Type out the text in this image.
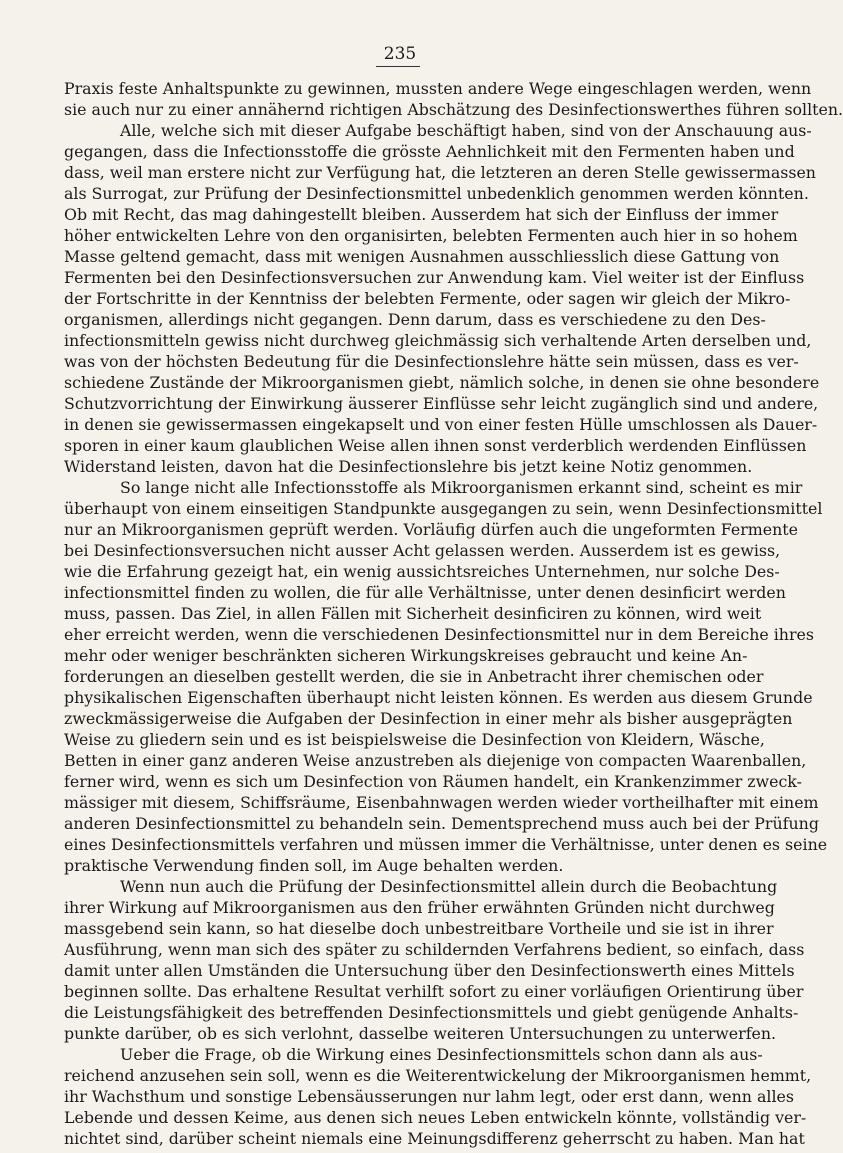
235
Praxis feste Anhaltspunkte zu gewinnen, mussten andere Wege eingeschlagen werden, wenn
sie auch nur zu einer annähernd richtigen Abschätzung des Desinfectionswerthes führen sollten.
Alle, welche sich mit dieser Aufgabe beschäftigt haben, sind von der Anschauung aus-
gegangen, dass die Infectionsstoffe die grösste Aehnlichkeit mit den Fermenten haben und
dass, weil man erstere nicht zur Verfügung hat, die letzteren an deren Stelle gewissermassen
als Surrogat, zur Prüfung der Desinfectionsmittel unbedenklich genommen werden könnten.
Ob mit Recht, das mag dahingestellt bleiben. Ausserdem hat sich der Einfluss der immer
höher entwickelten Lehre von den organisirten, belebten Fermenten auch hier in so hohem
Masse geltend gemacht, dass mit wenigen Ausnahmen ausschliesslich diese Gattung von
Fermenten bei den Desinfectionsversuchen zur Anwendung kam. Viel weiter ist der Einfluss
der Fortschritte in der Kenntniss der belebten Fermente, oder sagen wir gleich der Mikro-
organismen, allerdings nicht gegangen. Denn darum, dass es verschiedene zu den Des-
infectionsmitteln gewiss nicht durchweg gleichmässig sich verhaltende Arten derselben und,
was von der höchsten Bedeutung für die Desinfectionslehre hätte sein müssen, dass es ver-
schiedene Zustände der Mikroorganismen giebt, nämlich solche, in denen sie ohne besondere
Schutzvorrichtung der Einwirkung äusserer Einflüsse sehr leicht zugänglich sind und andere,
in denen sie gewissermassen eingekapselt und von einer festen Hülle umschlossen als Dauer-
sporen in einer kaum glaublichen Weise allen ihnen sonst verderblich werdenden Einflüssen
Widerstand leisten, davon hat die Desinfectionslehre bis jetzt keine Notiz genommen.
So lange nicht alle Infectionsstoffe als Mikroorganismen erkannt sind, scheint es mir
überhaupt von einem einseitigen Standpunkte ausgegangen zu sein, wenn Desinfectionsmittel
nur an Mikroorganismen geprüft werden. Vorläufig dürfen auch die ungeformten Fermente
bei Desinfectionsversuchen nicht ausser Acht gelassen werden. Ausserdem ist es gewiss,
wie die Erfahrung gezeigt hat, ein wenig aussichtsreiches Unternehmen, nur solche Des-
infectionsmittel finden zu wollen, die für alle Verhältnisse, unter denen desinficirt werden
muss, passen. Das Ziel, in allen Fällen mit Sicherheit desinficiren zu können, wird weit
eher erreicht werden, wenn die verschiedenen Desinfectionsmittel nur in dem Bereiche ihres
mehr oder weniger beschränkten sicheren Wirkungskreises gebraucht und keine An-
forderungen an dieselben gestellt werden, die sie in Anbetracht ihrer chemischen oder
physikalischen Eigenschaften überhaupt nicht leisten können. Es werden aus diesem Grunde
zweckmässigerweise die Aufgaben der Desinfection in einer mehr als bisher ausgeprägten
Weise zu gliedern sein und es ist beispielsweise die Desinfection von Kleidern, Wäsche,
Betten in einer ganz anderen Weise anzustreben als diejenige von compacten Waarenballen,
ferner wird, wenn es sich um Desinfection von Räumen handelt, ein Krankenzimmer zweck-
mässiger mit diesem, Schiffsräume, Eisenbahnwagen werden wieder vortheilhafter mit einem
anderen Desinfectionsmittel zu behandeln sein. Dementsprechend muss auch bei der Prüfung
eines Desinfectionsmittels verfahren und müssen immer die Verhältnisse, unter denen es seine
praktische Verwendung finden soll, im Auge behalten werden.
Wenn nun auch die Prüfung der Desinfectionsmittel allein durch die Beobachtung
ihrer Wirkung auf Mikroorganismen aus den früher erwähnten Gründen nicht durchweg
massgebend sein kann, so hat dieselbe doch unbestreitbare Vortheile und sie ist in ihrer
Ausführung, wenn man sich des später zu schildernden Verfahrens bedient, so einfach, dass
damit unter allen Umständen die Untersuchung über den Desinfectionswerth eines Mittels
beginnen sollte. Das erhaltene Resultat verhilft sofort zu einer vorläufigen Orientirung über
die Leistungsfähigkeit des betreffenden Desinfectionsmittels und giebt genügende Anhalts-
punkte darüber, ob es sich verlohnt, dasselbe weiteren Untersuchungen zu unterwerfen.
Ueber die Frage, ob die Wirkung eines Desinfectionsmittels schon dann als aus-
reichend anzusehen sein soll, wenn es die Weiterentwickelung der Mikroorganismen hemmt,
ihr Wachsthum und sonstige Lebensäusserungen nur lahm legt, oder erst dann, wenn alles
Lebende und dessen Keime, aus denen sich neues Leben entwickeln könnte, vollständig ver-
nichtet sind, darüber scheint niemals eine Meinungsdifferenz geherrscht zu haben. Man hat
